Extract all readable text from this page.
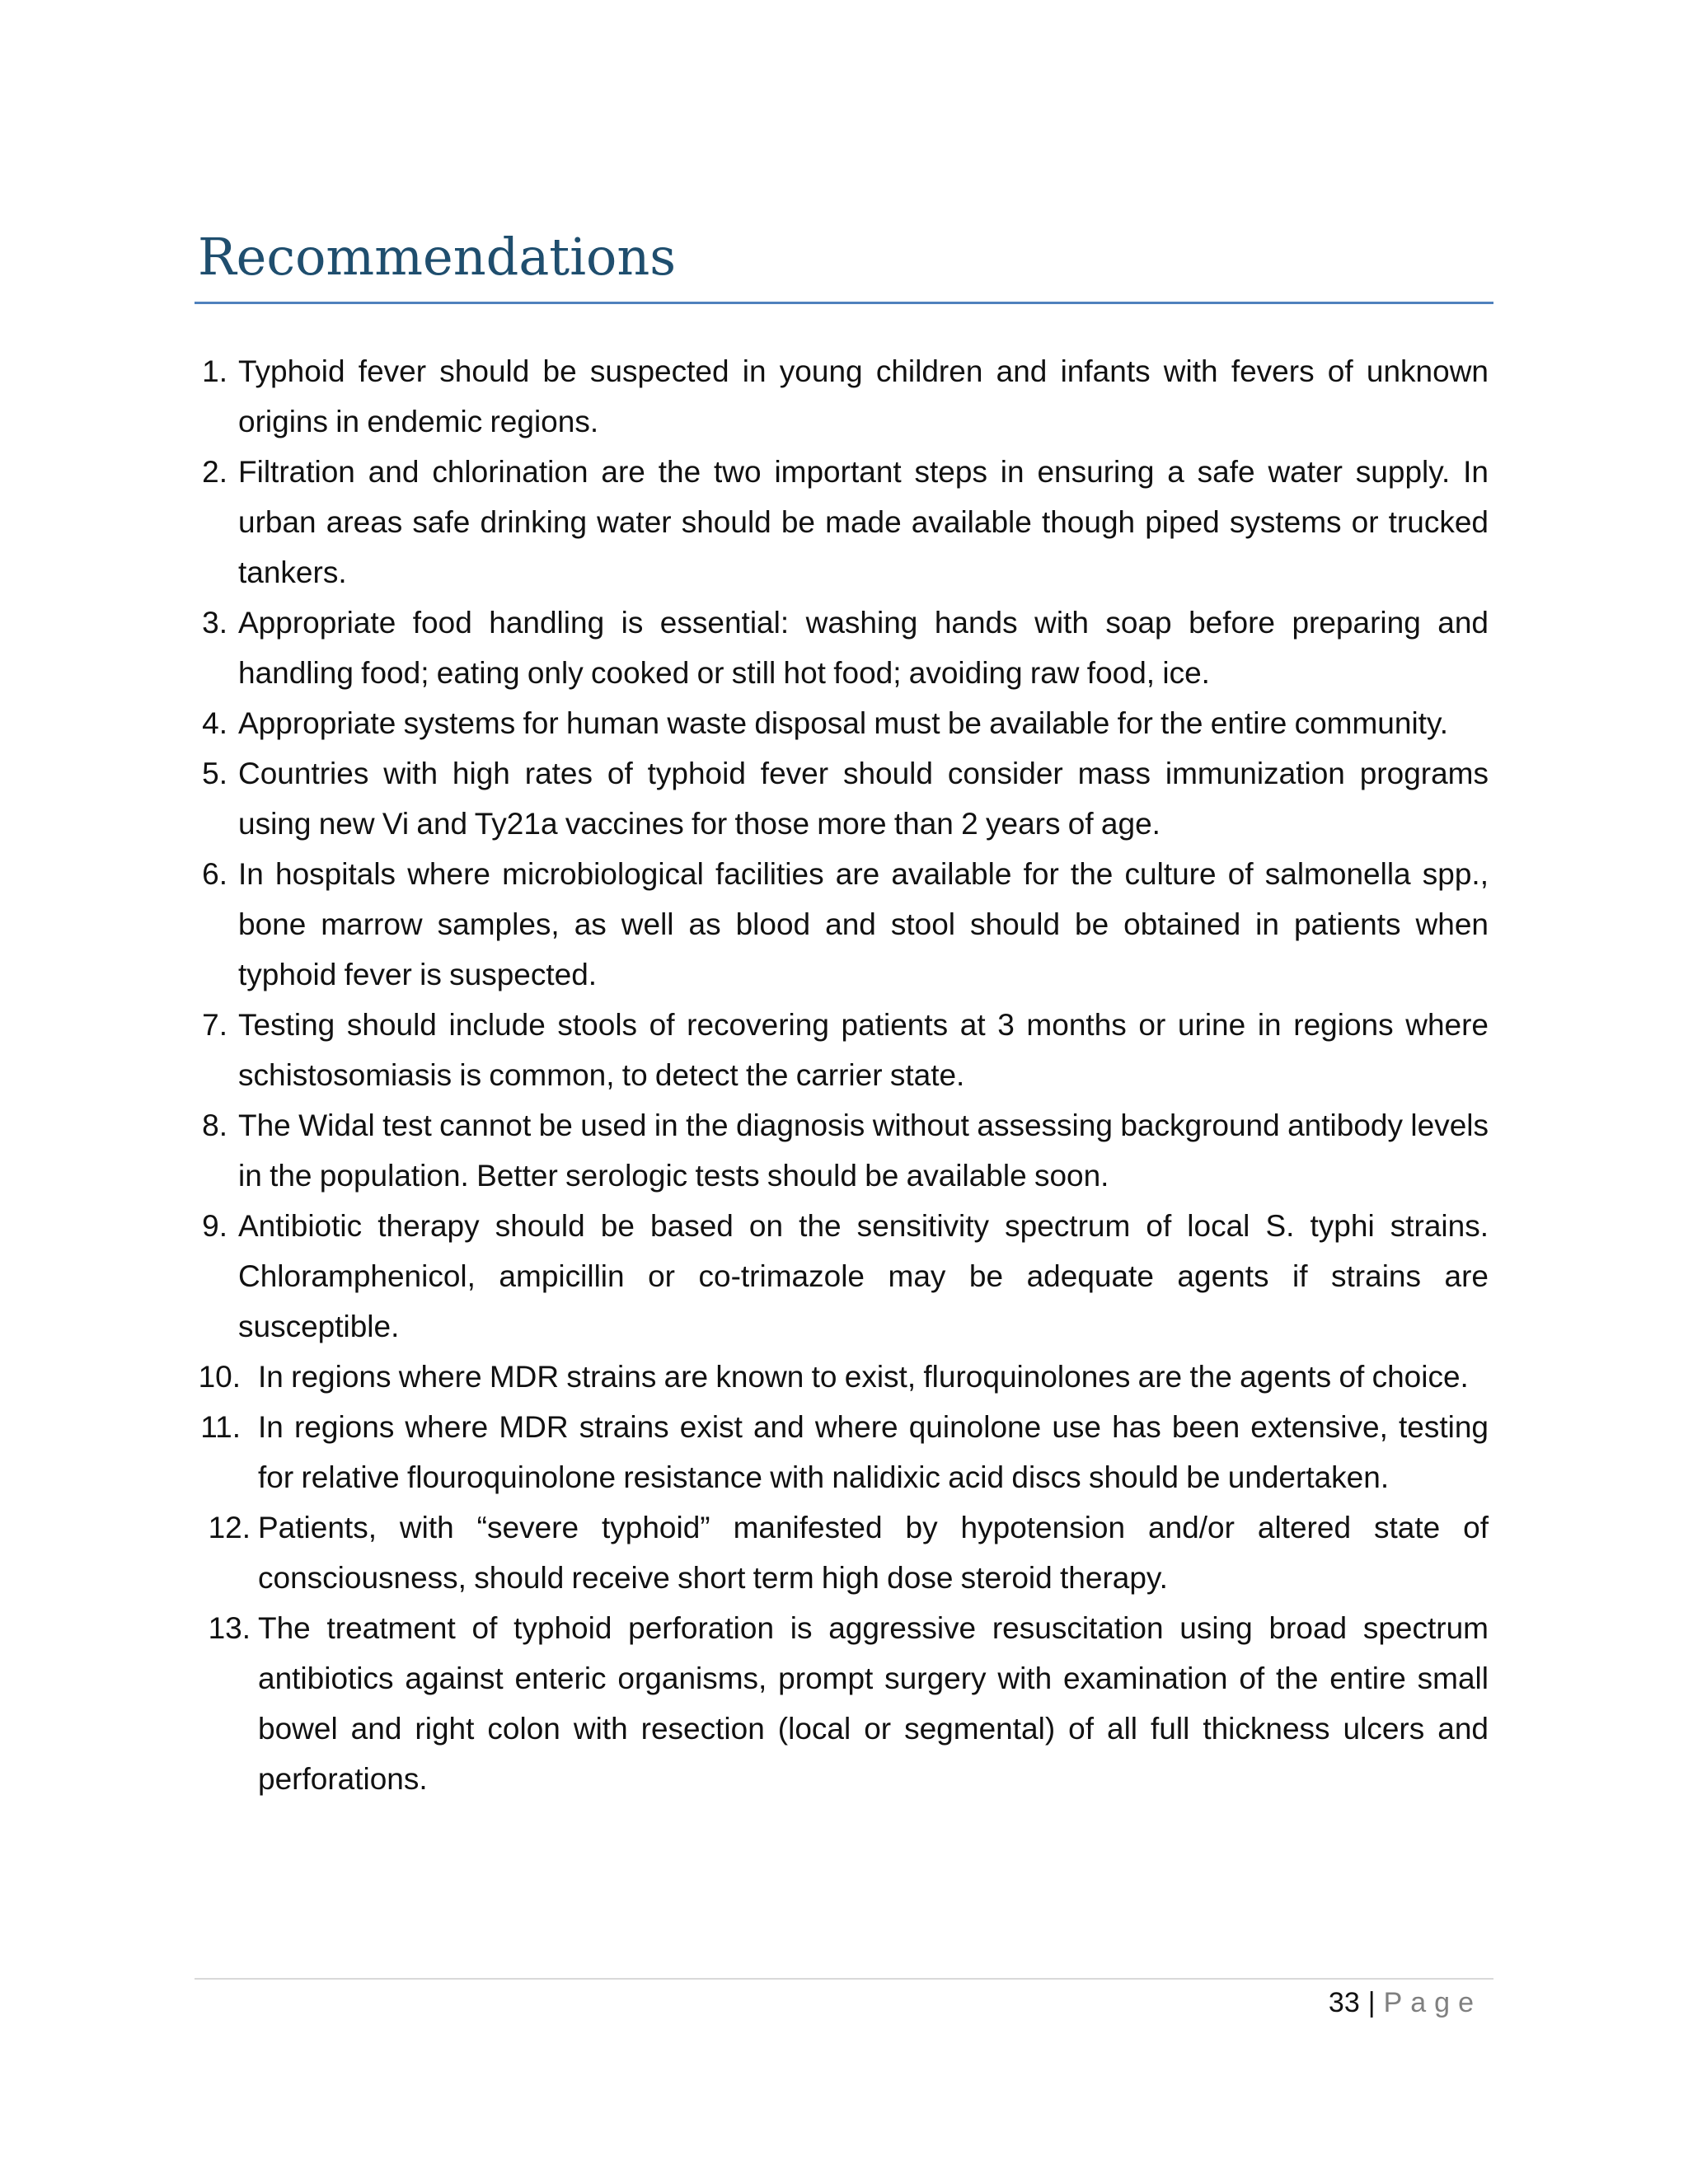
Recommendations
1. Typhoid fever should be suspected in young children and infants with fevers of unknown origins in endemic regions.
2. Filtration and chlorination are the two important steps in ensuring a safe water supply. In urban areas safe drinking water should be made available though piped systems or trucked tankers.
3. Appropriate food handling is essential: washing hands with soap before preparing and handling food; eating only cooked or still hot food; avoiding raw food, ice.
4. Appropriate systems for human waste disposal must be available for the entire community.
5. Countries with high rates of typhoid fever should consider mass immunization programs using new Vi and Ty21a vaccines for those more than 2 years of age.
6. In hospitals where microbiological facilities are available for the culture of salmonella spp., bone marrow samples, as well as blood and stool should be obtained in patients when typhoid fever is suspected.
7. Testing should include stools of recovering patients at 3 months or urine in regions where schistosomiasis is common, to detect the carrier state.
8. The Widal test cannot be used in the diagnosis without assessing background antibody levels in the population. Better serologic tests should be available soon.
9. Antibiotic therapy should be based on the sensitivity spectrum of local S. typhi strains. Chloramphenicol, ampicillin or co-trimazole may be adequate agents if strains are susceptible.
10. In regions where MDR strains are known to exist, fluroquinolones are the agents of choice.
11. In regions where MDR strains exist and where quinolone use has been extensive, testing for relative flouroquinolone resistance with nalidixic acid discs should be undertaken.
12. Patients, with “severe typhoid” manifested by hypotension and/or altered state of consciousness, should receive short term high dose steroid therapy.
13. The treatment of typhoid perforation is aggressive resuscitation using broad spectrum antibiotics against enteric organisms, prompt surgery with examination of the entire small bowel and right colon with resection (local or segmental) of all full thickness ulcers and perforations.
33 | Page
